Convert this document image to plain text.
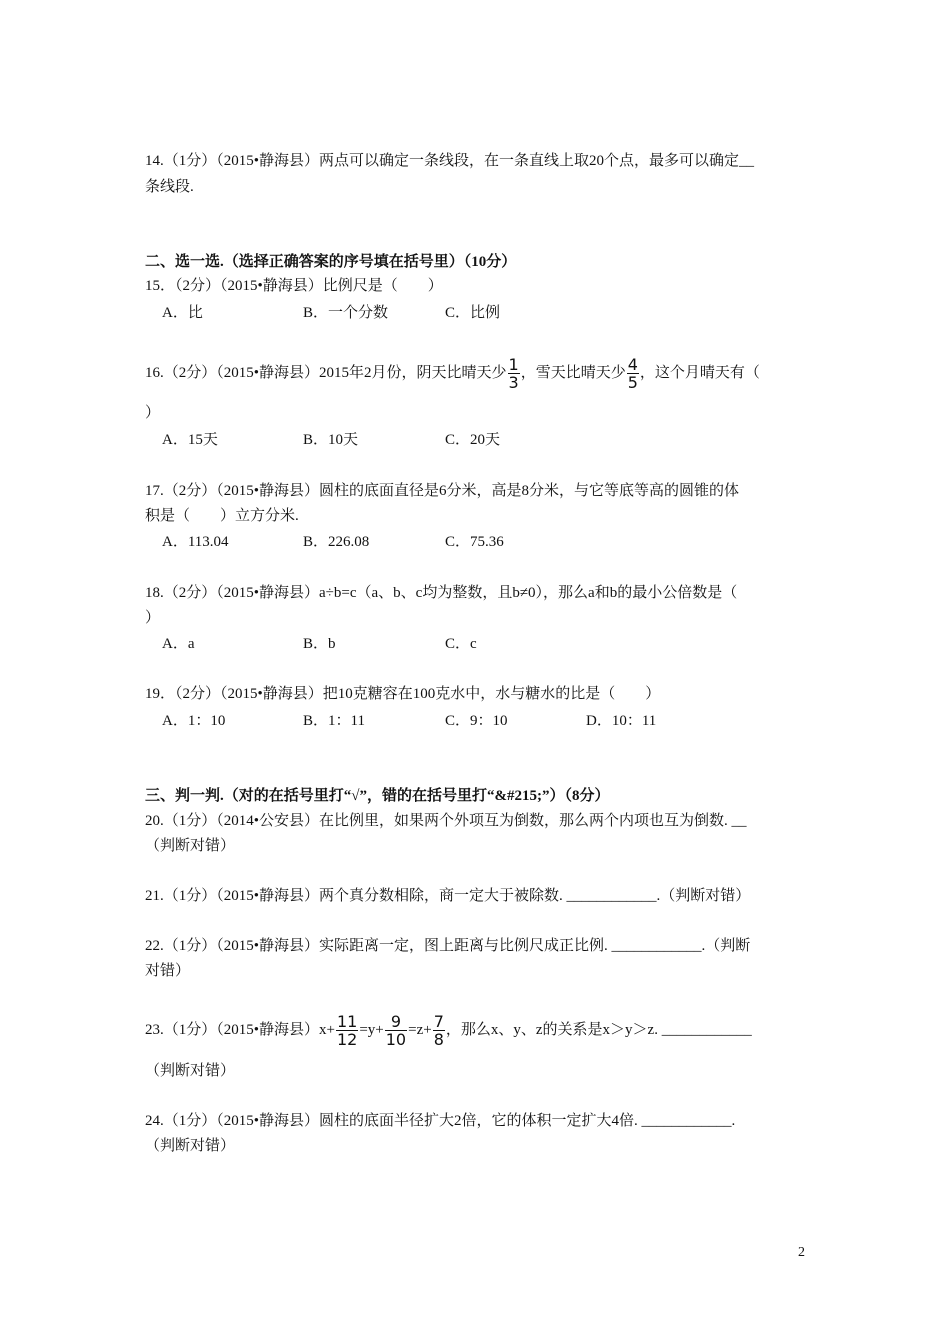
14.（1分）（2015•静海县）两点可以确定一条线段，在一条直线上取20个点，最多可以确定__
条线段.
二、选一选.（选择正确答案的序号填在括号里）（10分）
15．（2分）（2015•静海县）比例尺是（　　）
A．比	B．一个分数	C．比例
16.（2分）（2015•静海县）2015年2月份，阴天比晴天少 $\frac{1}{3}$ ，雪天比晴天少 $\frac{4}{5}$ ，这个月晴天有（
）
A．15天	B．10天	C．20天
17.（2分）（2015•静海县）圆柱的底面直径是6分米，高是8分米，与它等底等高的圆锥的体
积是（　　）立方分米.
A．113.04	B．226.08	C．75.36
18.（2分）（2015•静海县）a÷b=c（a、b、c均为整数，且b≠0），那么a和b的最小公倍数是（
）
A．a	B．b	C．c
19．（2分）（2015•静海县）把10克糖容在100克水中，水与糖水的比是（　　）
A．1：10	B．1：11	C．9：10	D．10：11
三、判一判.（对的在括号里打“√”，错的在括号里打“&#215;”）（8分）
20.（1分）（2014•公安县）在比例里，如果两个外项互为倒数，那么两个内项也互为倒数. __
（判断对错）
21.（1分）（2015•静海县）两个真分数相除，商一定大于被除数. ____________.（判断对错）
22.（1分）（2015•静海县）实际距离一定，图上距离与比例尺成正比例. ____________.（判断
对错）
23.（1分）（2015•静海县）$x+ \frac{11}{12} =y+ \frac{9}{10} =z+ \frac{7}{8}$ ，那么x、y、z的关系是x＞y＞z. ____________
（判断对错）
24.（1分）（2015•静海县）圆柱的底面半径扩大2倍，它的体积一定扩大4倍. ____________.
（判断对错）
2
